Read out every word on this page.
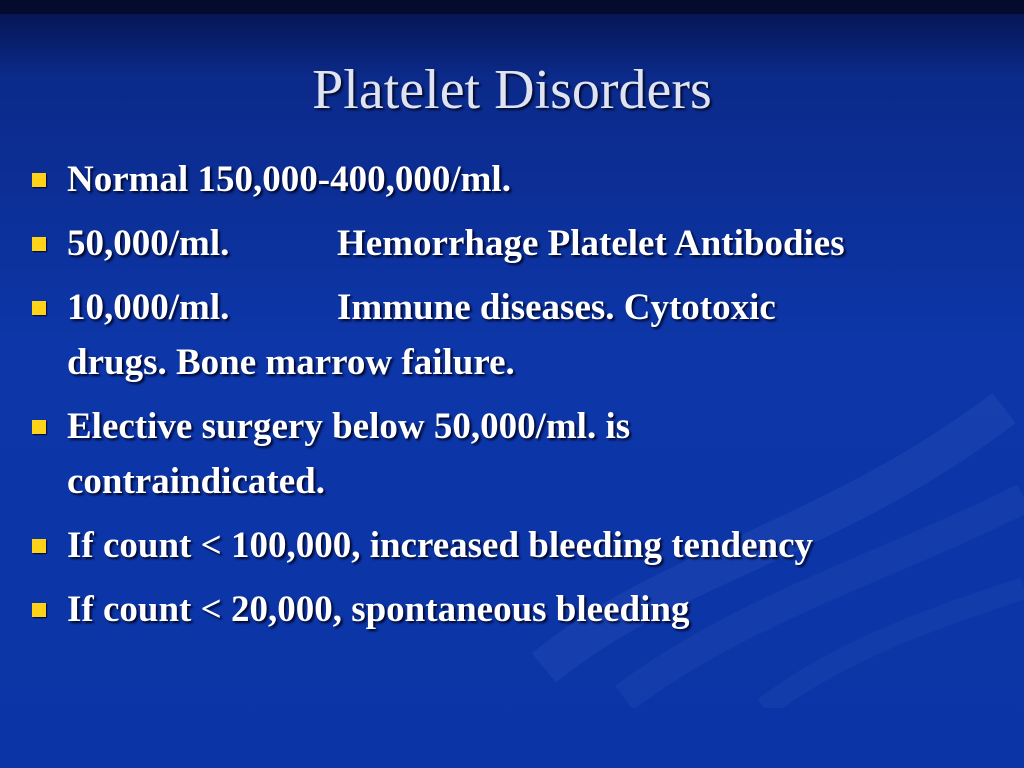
Platelet Disorders
Normal 150,000-400,000/ml.
50,000/ml.	Hemorrhage Platelet Antibodies
10,000/ml.	Immune diseases. Cytotoxic
drugs. Bone marrow failure.
Elective surgery below 50,000/ml. is
contraindicated.
If count < 100,000, increased bleeding tendency
If count < 20,000, spontaneous bleeding
